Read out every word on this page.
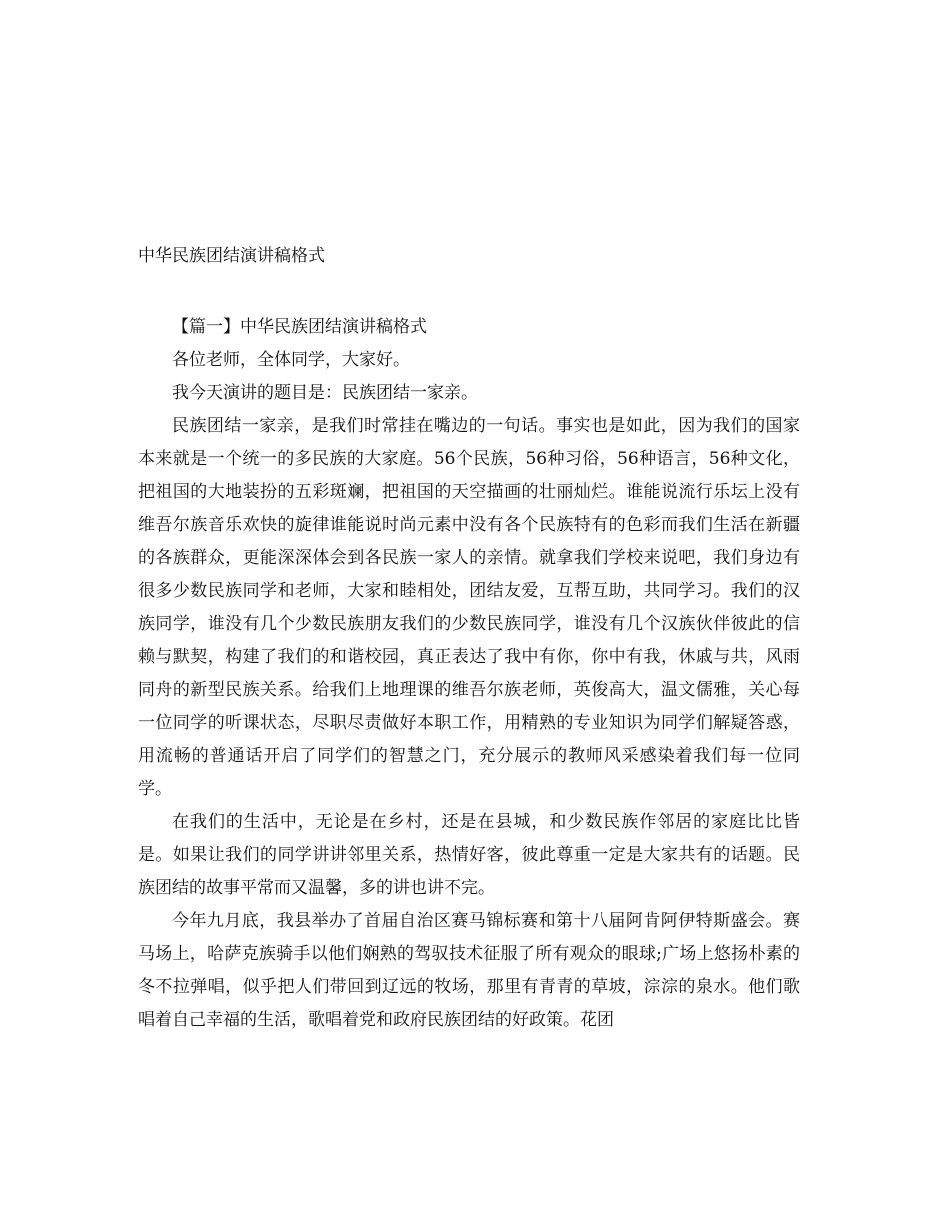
中华民族团结演讲稿格式

【篇一】中华民族团结演讲稿格式

各位老师，全体同学，大家好。

我今天演讲的题目是：民族团结一家亲。

民族团结一家亲，是我们时常挂在嘴边的一句话。事实也是如此，因为我们的国家本来就是一个统一的多民族的大家庭。56个民族，56种习俗，56种语言，56种文化，把祖国的大地装扮的五彩斑斓，把祖国的天空描画的壮丽灿烂。谁能说流行乐坛上没有维吾尔族音乐欢快的旋律谁能说时尚元素中没有各个民族特有的色彩而我们生活在新疆的各族群众，更能深深体会到各民族一家人的亲情。就拿我们学校来说吧，我们身边有很多少数民族同学和老师，大家和睦相处，团结友爱，互帮互助，共同学习。我们的汉族同学，谁没有几个少数民族朋友我们的少数民族同学，谁没有几个汉族伙伴彼此的信赖与默契，构建了我们的和谐校园，真正表达了我中有你，你中有我，休戚与共，风雨同舟的新型民族关系。给我们上地理课的维吾尔族老师，英俊高大，温文儒雅，关心每一位同学的听课状态，尽职尽责做好本职工作，用精熟的专业知识为同学们解疑答惑，用流畅的普通话开启了同学们的智慧之门，充分展示的教师风采感染着我们每一位同学。

在我们的生活中，无论是在乡村，还是在县城，和少数民族作邻居的家庭比比皆是。如果让我们的同学讲讲邻里关系，热情好客，彼此尊重一定是大家共有的话题。民族团结的故事平常而又温馨，多的讲也讲不完。

今年九月底，我县举办了首届自治区赛马锦标赛和第十八届阿肯阿伊特斯盛会。赛马场上，哈萨克族骑手以他们娴熟的驾驭技术征服了所有观众的眼球;广场上悠扬朴素的冬不拉弹唱，似乎把人们带回到辽远的牧场，那里有青青的草坡，淙淙的泉水。他们歌唱着自己幸福的生活，歌唱着党和政府民族团结的好政策。花团
